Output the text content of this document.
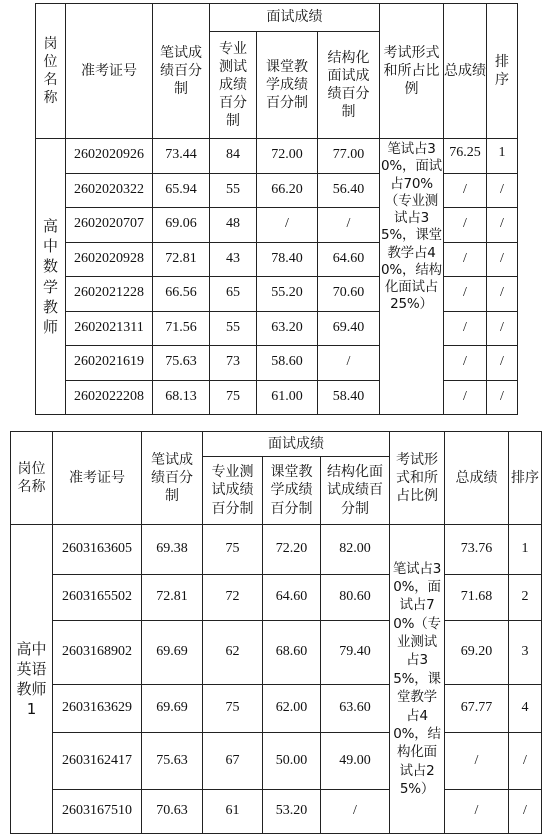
岗位名称	准考证号	笔试成绩百分制	面试成绩			考试形式和所占比例	总成绩	排序
			专业测试成绩百分制	课堂教学成绩百分制	结构化面试成绩百分制			
高中数学教师	2602020926	73.44	84	72.00	77.00	笔试占30%，面试占70%（专业测试占35%，课堂教学占40%，结构化面试占25%）	76.25	1
	2602020322	65.94	55	66.20	56.40		/	/
	2602020707	69.06	48	/	/		/	/
	2602020928	72.81	43	78.40	64.60		/	/
	2602021228	66.56	65	55.20	70.60		/	/
	2602021311	71.56	55	63.20	69.40		/	/
	2602021619	75.63	73	58.60	/		/	/
	2602022208	68.13	75	61.00	58.40		/	/
岗位名称	准考证号	笔试成绩百分制	面试成绩			考试形式和所占比例	总成绩	排序
			专业测试成绩百分制	课堂教学成绩百分制	结构化面试成绩百分制			
高中英语教师1	2603163605	69.38	75	72.20	82.00	笔试占30%，面试占70%（专业测试占35%，课堂教学占40%，结构化面试占25%）	73.76	1
	2603165502	72.81	72	64.60	80.60		71.68	2
	2603168902	69.69	62	68.60	79.40		69.20	3
	2603163629	69.69	75	62.00	63.60		67.77	4
	2603162417	75.63	67	50.00	49.00		/	/
	2603167510	70.63	61	53.20	/		/	/
